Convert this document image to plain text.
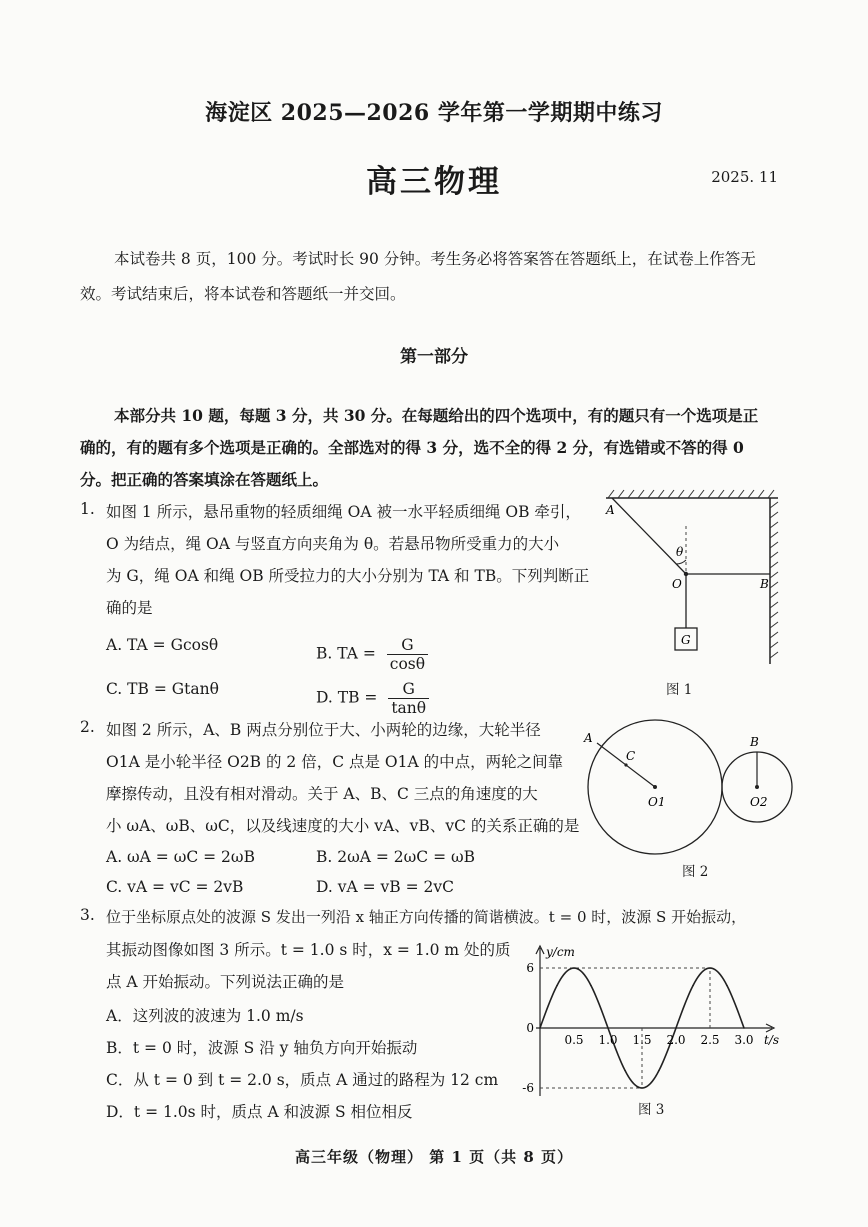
海淀区 2025—2026 学年第一学期期中练习
高三物理	2025. 11
本试卷共 8 页，100 分。考试时长 90 分钟。考生务必将答案答在答题纸上，在试卷上作答无
效。考试结束后，将本试卷和答题纸一并交回。
第一部分
本部分共 10 题，每题 3 分，共 30 分。在每题给出的四个选项中，有的题只有一个选项是正
确的，有的题有多个选项是正确的。全部选对的得 3 分，选不全的得 2 分，有选错或不答的得 0
分。把正确的答案填涂在答题纸上。
1. 如图 1 所示，悬吊重物的轻质细绳 OA 被一水平轻质细绳 OB 牵引，
O 为结点，绳 OA 与竖直方向夹角为 θ。若悬吊物所受重力的大小
为 G，绳 OA 和绳 OB 所受拉力的大小分别为 TA 和 TB。下列判断正
确的是
A. TA = Gcosθ	B. TA = $\frac{G}{\cos\theta}$
C. TB = Gtanθ	D. TB = $\frac{G}{\tan\theta}$
G
A
B
O
θ
图 1
2. 如图 2 所示，A、B 两点分别位于大、小两轮的边缘，大轮半径
O1A 是小轮半径 O2B 的 2 倍，C 点是 O1A 的中点，两轮之间靠
摩擦传动，且没有相对滑动。关于 A、B、C 三点的角速度的大
小 ωA、ωB、ωC，以及线速度的大小 vA、vB、vC 的关系正确的是
A. ωA = ωC = 2ωB	B. 2ωA = 2ωC = ωB
C. vA = vC = 2vB	D. vA = vB = 2vC
A
C
B
O1	O2
图 2
3. 位于坐标原点处的波源 S 发出一列沿 x 轴正方向传播的简谐横波。t = 0 时，波源 S 开始振动，
其振动图像如图 3 所示。t = 1.0 s 时，x = 1.0 m 处的质
点 A 开始振动。下列说法正确的是
A．这列波的波速为 1.0 m/s
B．t = 0 时，波源 S 沿 y 轴负方向开始振动
C．从 t = 0 到 t = 2.0 s，质点 A 通过的路程为 12 cm
D．t = 1.0s 时，质点 A 和波源 S 相位相反
y/cm
t/s
6
0
-6
0.5 1.0 1.5 2.0 2.5 3.0
图 3
高三年级（物理） 第 1 页（共 8 页）
